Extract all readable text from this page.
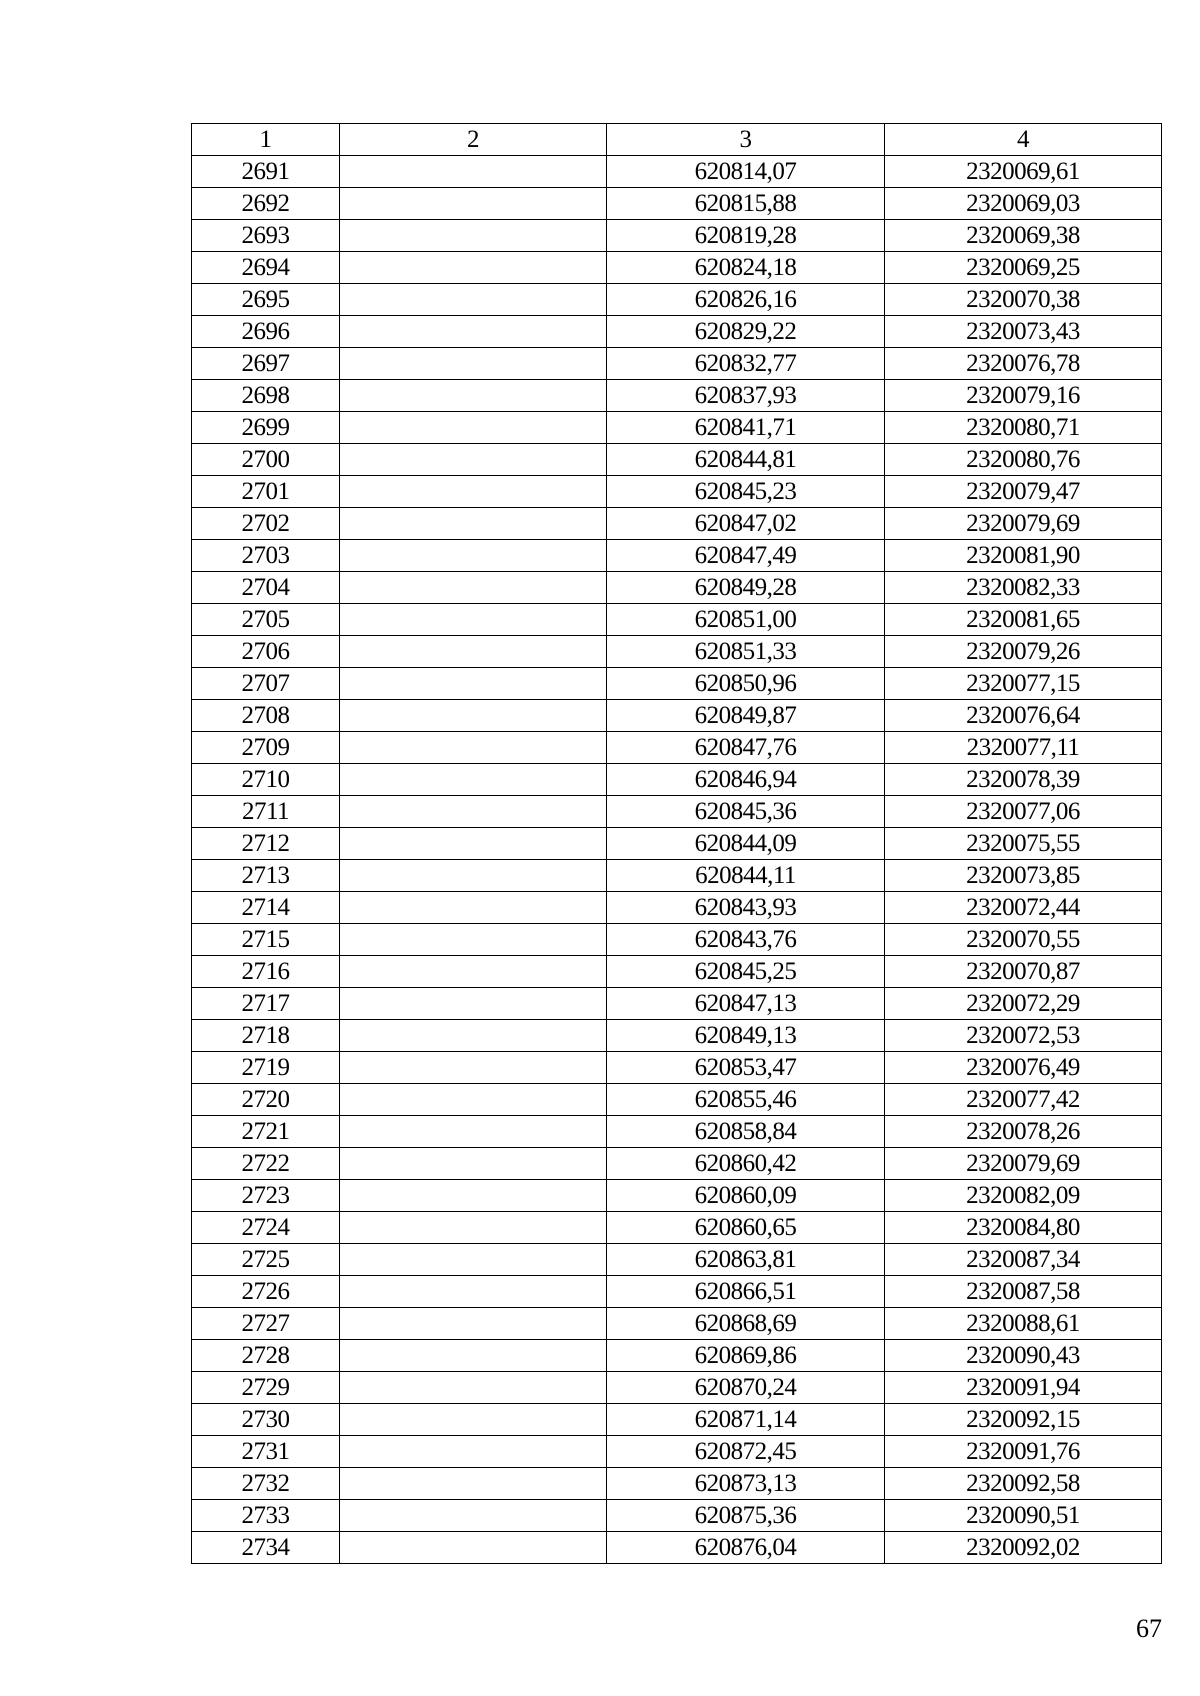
1	2	3	4
2691		620814,07	2320069,61
2692		620815,88	2320069,03
2693		620819,28	2320069,38
2694		620824,18	2320069,25
2695		620826,16	2320070,38
2696		620829,22	2320073,43
2697		620832,77	2320076,78
2698		620837,93	2320079,16
2699		620841,71	2320080,71
2700		620844,81	2320080,76
2701		620845,23	2320079,47
2702		620847,02	2320079,69
2703		620847,49	2320081,90
2704		620849,28	2320082,33
2705		620851,00	2320081,65
2706		620851,33	2320079,26
2707		620850,96	2320077,15
2708		620849,87	2320076,64
2709		620847,76	2320077,11
2710		620846,94	2320078,39
2711		620845,36	2320077,06
2712		620844,09	2320075,55
2713		620844,11	2320073,85
2714		620843,93	2320072,44
2715		620843,76	2320070,55
2716		620845,25	2320070,87
2717		620847,13	2320072,29
2718		620849,13	2320072,53
2719		620853,47	2320076,49
2720		620855,46	2320077,42
2721		620858,84	2320078,26
2722		620860,42	2320079,69
2723		620860,09	2320082,09
2724		620860,65	2320084,80
2725		620863,81	2320087,34
2726		620866,51	2320087,58
2727		620868,69	2320088,61
2728		620869,86	2320090,43
2729		620870,24	2320091,94
2730		620871,14	2320092,15
2731		620872,45	2320091,76
2732		620873,13	2320092,58
2733		620875,36	2320090,51
2734		620876,04	2320092,02
67
